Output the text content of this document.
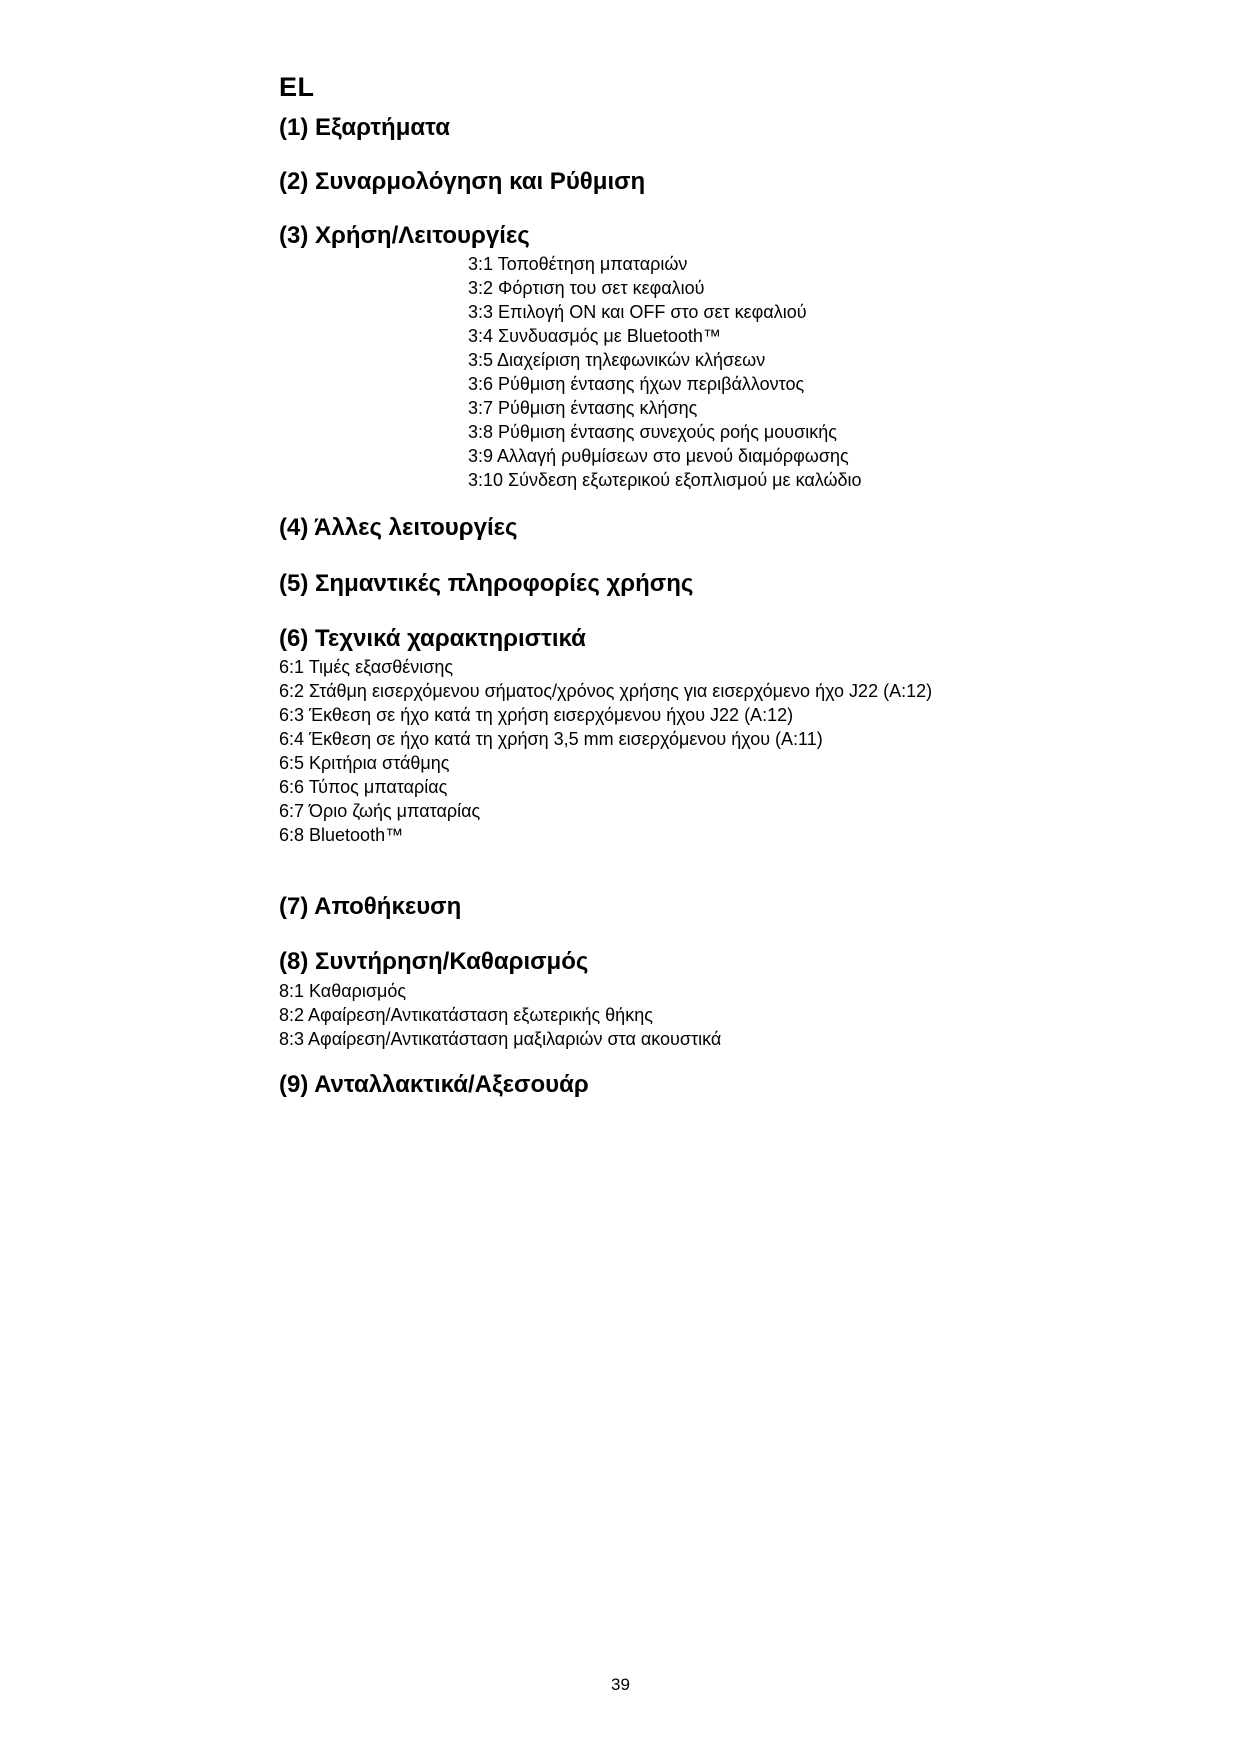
EL
(1) Εξαρτήματα
(2) Συναρμολόγηση και Ρύθμιση
(3) Χρήση/Λειτουργίες
3:1 Τοποθέτηση μπαταριών
3:2 Φόρτιση του σετ κεφαλιού
3:3 Επιλογή ON και OFF στο σετ κεφαλιού
3:4 Συνδυασμός με Bluetooth™
3:5 Διαχείριση τηλεφωνικών κλήσεων
3:6 Ρύθμιση έντασης ήχων περιβάλλοντος
3:7 Ρύθμιση έντασης κλήσης
3:8 Ρύθμιση έντασης συνεχούς ροής μουσικής
3:9 Αλλαγή ρυθμίσεων στο μενού διαμόρφωσης
3:10 Σύνδεση εξωτερικού εξοπλισμού με καλώδιο
(4) Άλλες λειτουργίες
(5) Σημαντικές πληροφορίες χρήσης
(6) Τεχνικά χαρακτηριστικά
6:1 Τιμές εξασθένισης
6:2 Στάθμη εισερχόμενου σήματος/χρόνος χρήσης για εισερχόμενο ήχο J22 (A:12)
6:3 Έκθεση σε ήχο κατά τη χρήση εισερχόμενου ήχου J22 (A:12)
6:4 Έκθεση σε ήχο κατά τη χρήση 3,5 mm εισερχόμενου ήχου (A:11)
6:5 Κριτήρια στάθμης
6:6 Τύπος μπαταρίας
6:7 Όριο ζωής μπαταρίας
6:8 Bluetooth™
(7) Αποθήκευση
(8) Συντήρηση/Καθαρισμός
8:1 Καθαρισμός
8:2 Αφαίρεση/Αντικατάσταση εξωτερικής θήκης
8:3 Αφαίρεση/Αντικατάσταση μαξιλαριών στα ακουστικά
(9) Ανταλλακτικά/Αξεσουάρ
39
